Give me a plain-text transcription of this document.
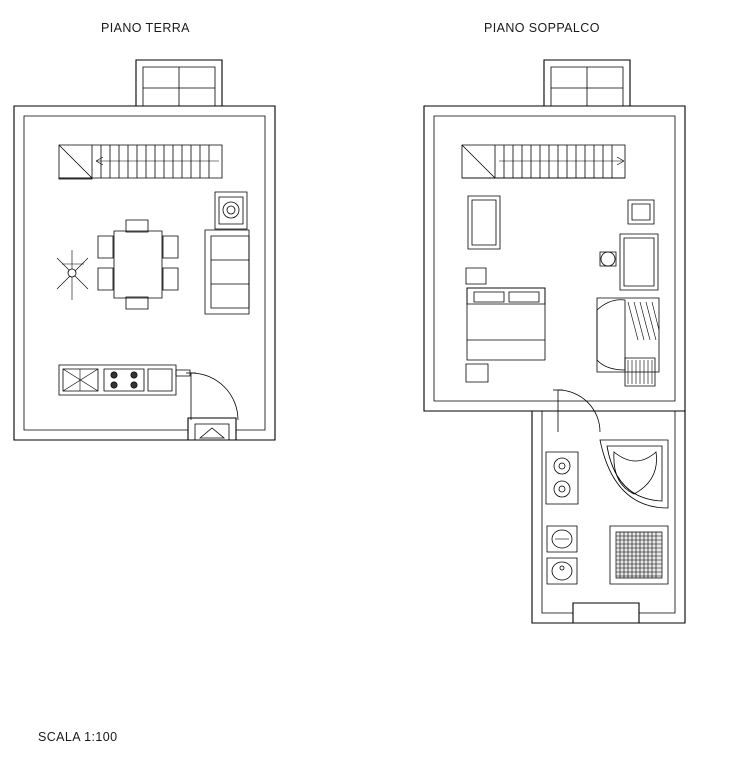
PIANO TERRA	PIANO SOPPALCO
SCALA 1:100
